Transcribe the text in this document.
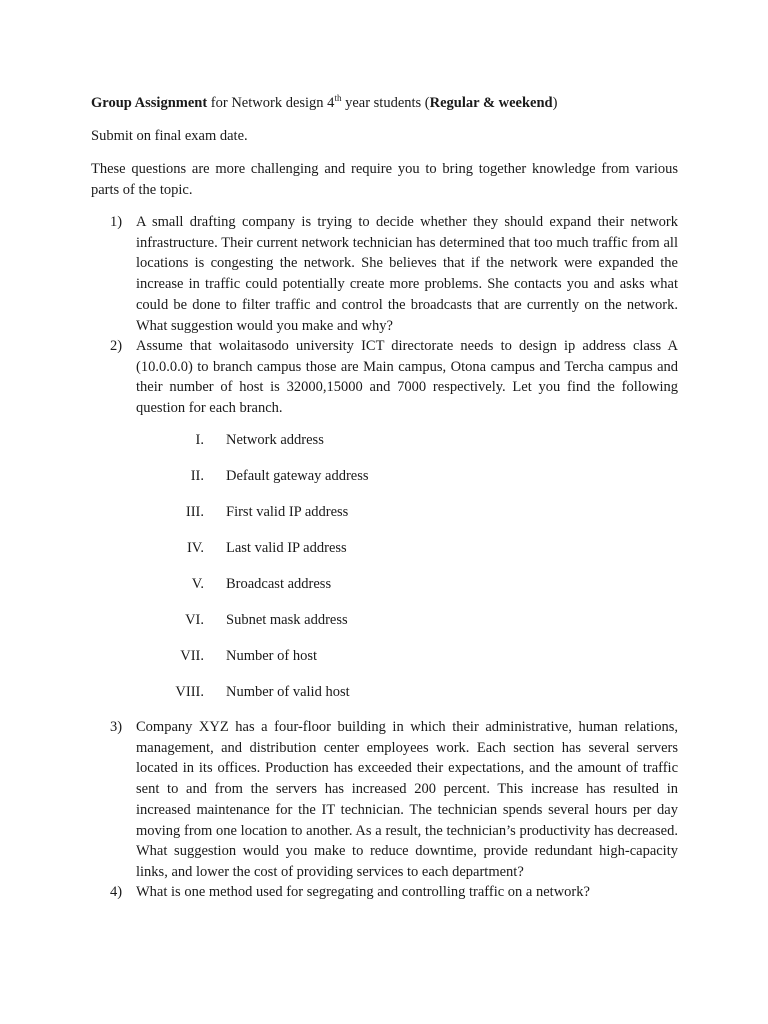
Group Assignment for Network design 4th year students (Regular & weekend)

Submit on final exam date.

These questions are more challenging and require you to bring together knowledge from various parts of the topic.

1) A small drafting company is trying to decide whether they should expand their network infrastructure. Their current network technician has determined that too much traffic from all locations is congesting the network. She believes that if the network were expanded the increase in traffic could potentially create more problems. She contacts you and asks what could be done to filter traffic and control the broadcasts that are currently on the network. What suggestion would you make and why?
2) Assume that wolaitasodo university ICT directorate needs to design ip address class A (10.0.0.0) to branch campus those are Main campus, Otona campus and Tercha campus and their number of host is 32000,15000 and 7000 respectively. Let you find the following question for each branch.
I. Network address
II. Default gateway address
III. First valid IP address
IV. Last valid IP address
V. Broadcast address
VI. Subnet mask address
VII. Number of host
VIII. Number of valid host
3) Company XYZ has a four-floor building in which their administrative, human relations, management, and distribution center employees work. Each section has several servers located in its offices. Production has exceeded their expectations, and the amount of traffic sent to and from the servers has increased 200 percent. This increase has resulted in increased maintenance for the IT technician. The technician spends several hours per day moving from one location to another. As a result, the technician’s productivity has decreased. What suggestion would you make to reduce downtime, provide redundant high-capacity links, and lower the cost of providing services to each department?
4) What is one method used for segregating and controlling traffic on a network?
